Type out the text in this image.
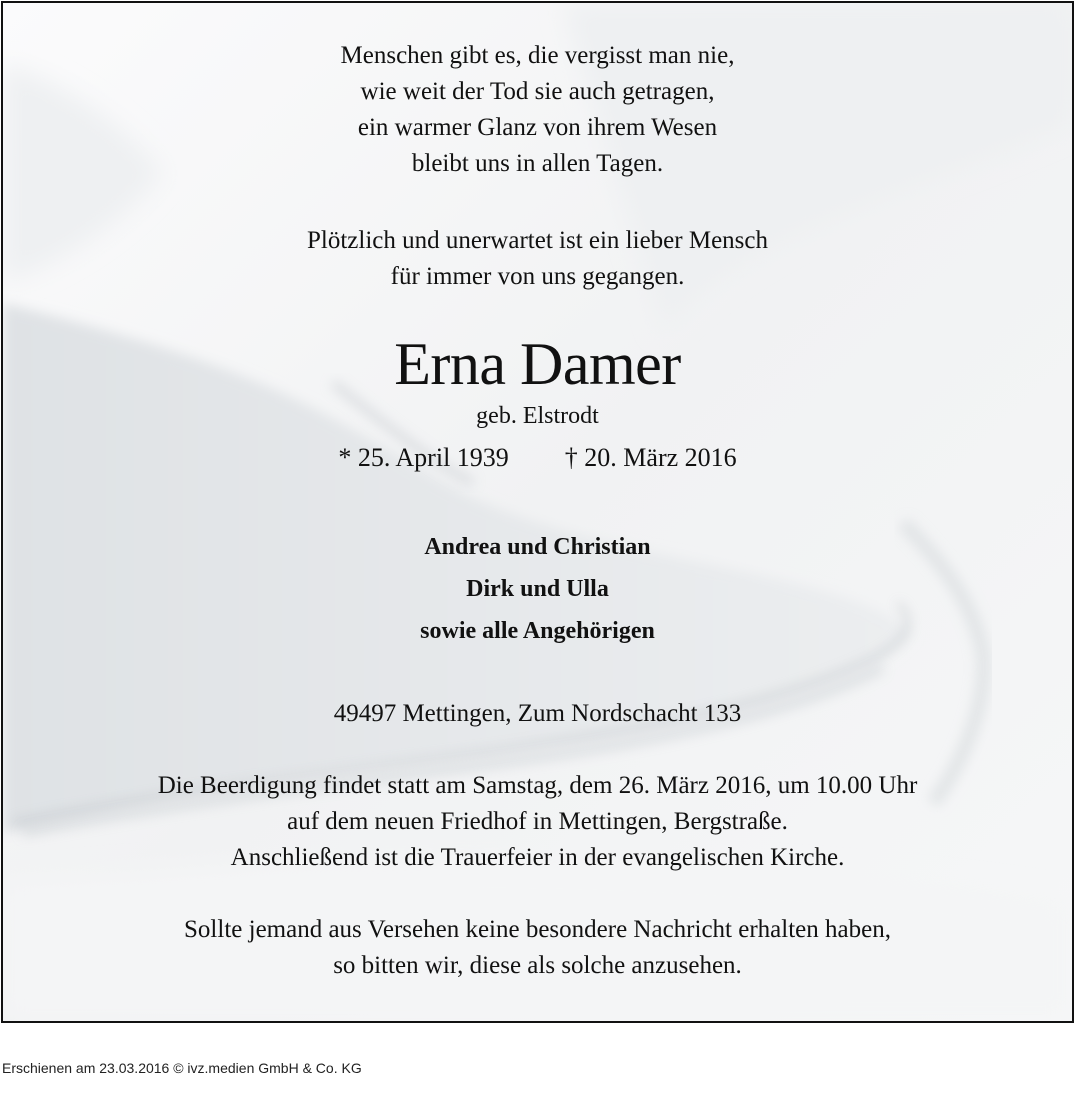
Menschen gibt es, die vergisst man nie,

wie weit der Tod sie auch getragen,

ein warmer Glanz von ihrem Wesen

bleibt uns in allen Tagen.

Plötzlich und unerwartet ist ein lieber Mensch

für immer von uns gegangen.

Erna Damer

geb. Elstrodt

* 25. April 1939 † 20. März 2016

Andrea und Christian

Dirk und Ulla

sowie alle Angehörigen

49497 Mettingen, Zum Nordschacht 133

Die Beerdigung findet statt am Samstag, dem 26. März 2016, um 10.00 Uhr

auf dem neuen Friedhof in Mettingen, Bergstraße.

Anschließend ist die Trauerfeier in der evangelischen Kirche.

Sollte jemand aus Versehen keine besondere Nachricht erhalten haben,

so bitten wir, diese als solche anzusehen.

Erschienen am 23.03.2016 © ivz.medien GmbH & Co. KG
